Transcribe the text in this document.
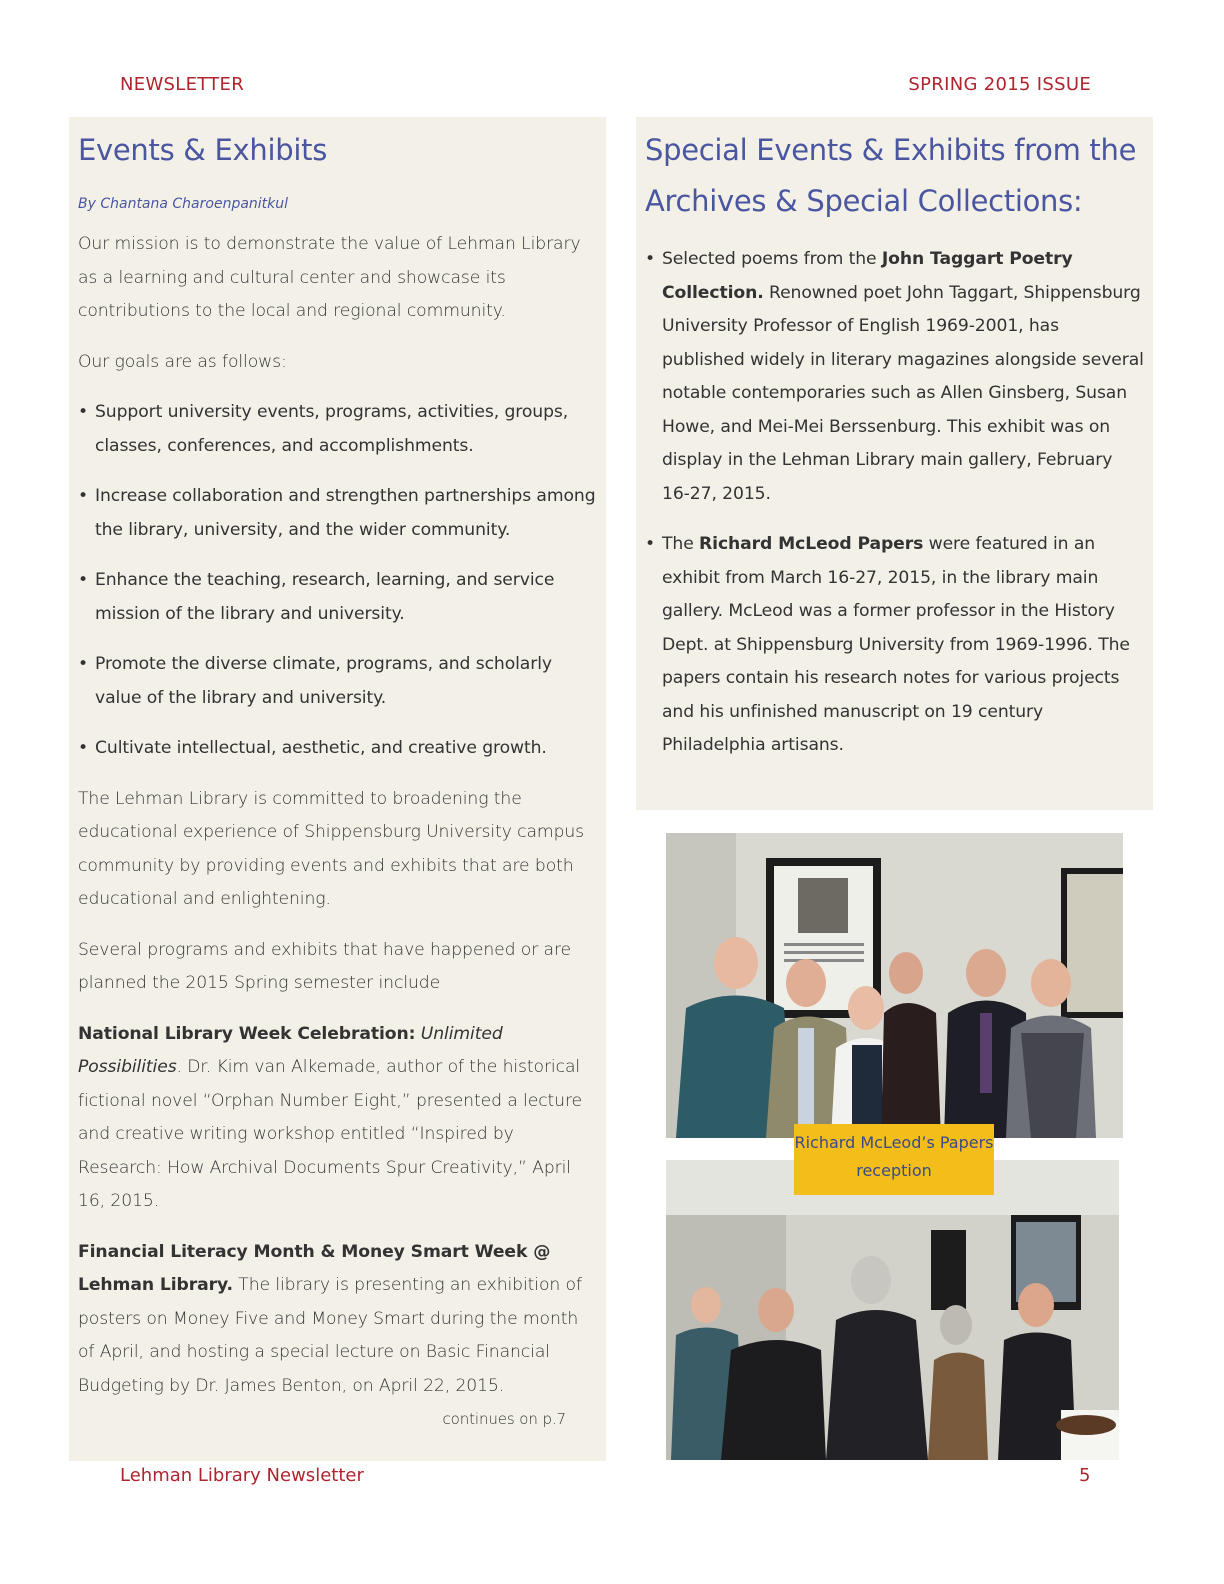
NEWSLETTER	SPRING 2015 ISSUE
Events & Exhibits
By Chantana Charoenpanitkul

Our mission is to demonstrate the value of Lehman Library as a learning and cultural center and showcase its contributions to the local and regional community.

Our goals are as follows:

• Support university events, programs, activities, groups, classes, conferences, and accomplishments.
• Increase collaboration and strengthen partnerships among the library, university, and the wider community.
• Enhance the teaching, research, learning, and service mission of the library and university.
• Promote the diverse climate, programs, and scholarly value of the library and university.
• Cultivate intellectual, aesthetic, and creative growth.

The Lehman Library is committed to broadening the educational experience of Shippensburg University campus community by providing events and exhibits that are both educational and enlightening.

Several programs and exhibits that have happened or are planned the 2015 Spring semester include

National Library Week Celebration: Unlimited Possibilities. Dr. Kim van Alkemade, author of the historical fictional novel “Orphan Number Eight,” presented a lecture and creative writing workshop entitled “Inspired by Research: How Archival Documents Spur Creativity,” April 16, 2015.

Financial Literacy Month & Money Smart Week @ Lehman Library. The library is presenting an exhibition of posters on Money Five and Money Smart during the month of April, and hosting a special lecture on Basic Financial Budgeting by Dr. James Benton, on April 22, 2015.
continues on p.7

Special Events & Exhibits from the Archives & Special Collections:
• Selected poems from the John Taggart Poetry Collection. Renowned poet John Taggart, Shippensburg University Professor of English 1969-2001, has published widely in literary magazines alongside several notable contemporaries such as Allen Ginsberg, Susan Howe, and Mei-Mei Berssenburg. This exhibit was on display in the Lehman Library main gallery, February 16-27, 2015.
• The Richard McLeod Papers were featured in an exhibit from March 16-27, 2015, in the library main gallery. McLeod was a former professor in the History Dept. at Shippensburg University from 1969-1996. The papers contain his research notes for various projects and his unfinished manuscript on 19 century Philadelphia artisans.
Richard McLeod’s Papers reception
Lehman Library Newsletter	5
